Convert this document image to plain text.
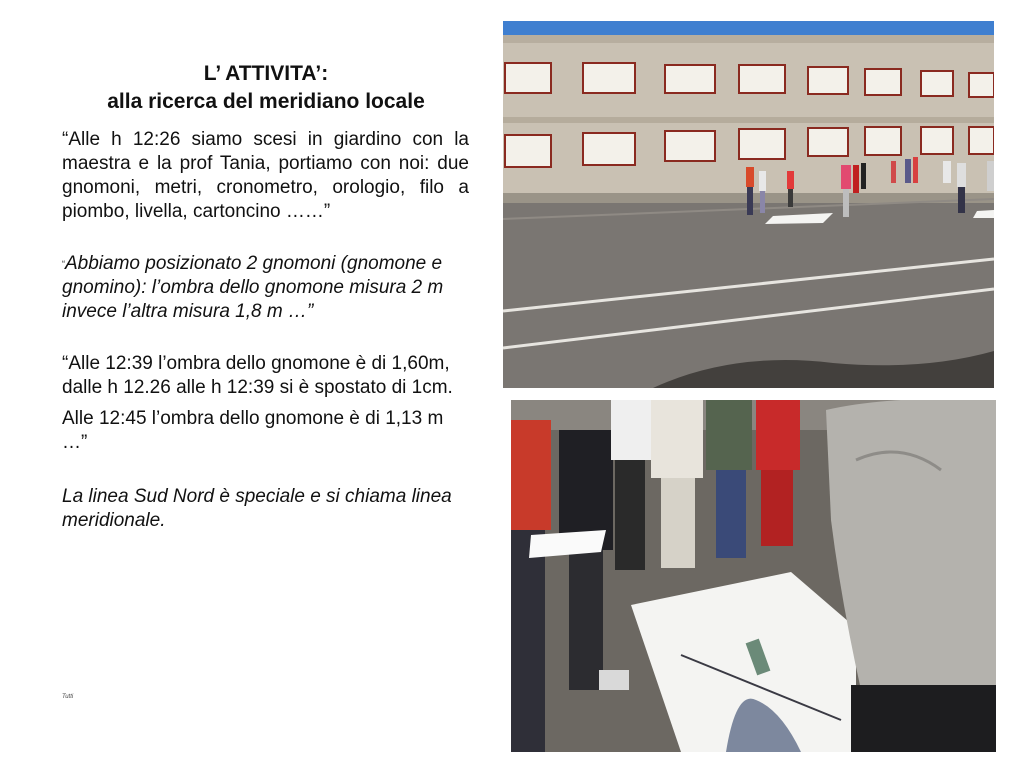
L’ ATTIVITA’:
alla ricerca del meridiano locale

“Alle h 12:26 siamo scesi in giardino con la maestra e la prof Tania, portiamo con noi: due gnomoni, metri, cronometro, orologio, filo a piombo, livella, cartoncino ……”

“Abbiamo posizionato 2 gnomoni (gnomone e gnomino): l’ombra dello gnomone misura 2 m invece l’altra misura 1,8 m …”

“Alle 12:39 l’ombra dello gnomone è di 1,60m, dalle h 12.26 alle h 12:39 si è spostato di 1cm.

Alle 12:45 l’ombra dello gnomone è di 1,13 m …”

La linea Sud Nord è speciale e si chiama linea meridionale.

Tutti
